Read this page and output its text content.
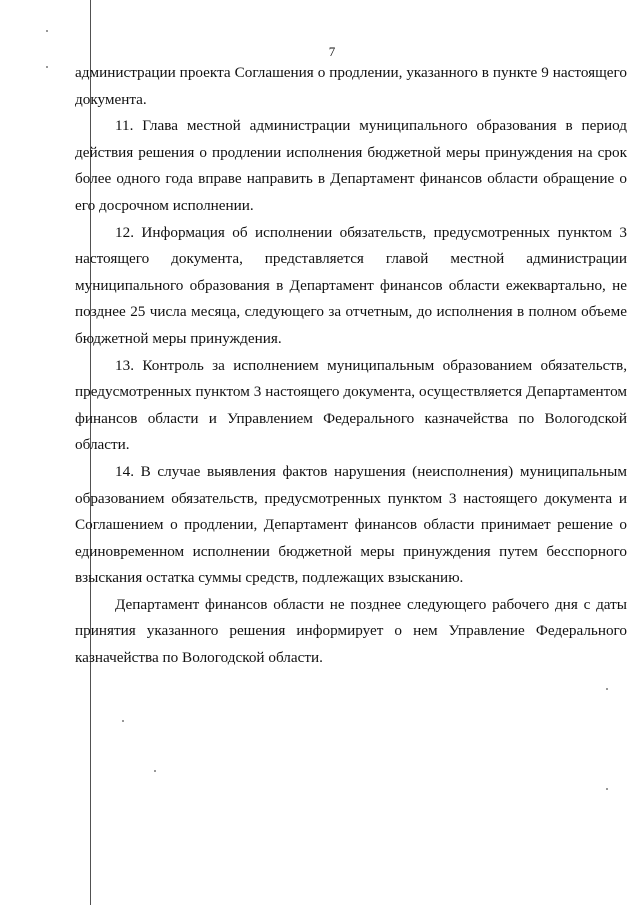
7

администрации проекта Соглашения о продлении, указанного в пункте 9 настоящего документа.

11. Глава местной администрации муниципального образования в период действия решения о продлении исполнения бюджетной меры принуждения на срок более одного года вправе направить в Департамент финансов области обращение о его досрочном исполнении.

12. Информация об исполнении обязательств, предусмотренных пунктом 3 настоящего документа, представляется главой местной администрации муниципального образования в Департамент финансов области ежеквартально, не позднее 25 числа месяца, следующего за отчетным, до исполнения в полном объеме бюджетной меры принуждения.

13. Контроль за исполнением муниципальным образованием обязательств, предусмотренных пунктом 3 настоящего документа, осуществляется Департаментом финансов области и Управлением Федерального казначейства по Вологодской области.

14. В случае выявления фактов нарушения (неисполнения) муниципальным образованием обязательств, предусмотренных пунктом 3 настоящего документа и Соглашением о продлении, Департамент финансов области принимает решение о единовременном исполнении бюджетной меры принуждения путем бесспорного взыскания остатка суммы средств, подлежащих взысканию.

Департамент финансов области не позднее следующего рабочего дня с даты принятия указанного решения информирует о нем Управление Федерального казначейства по Вологодской области.
